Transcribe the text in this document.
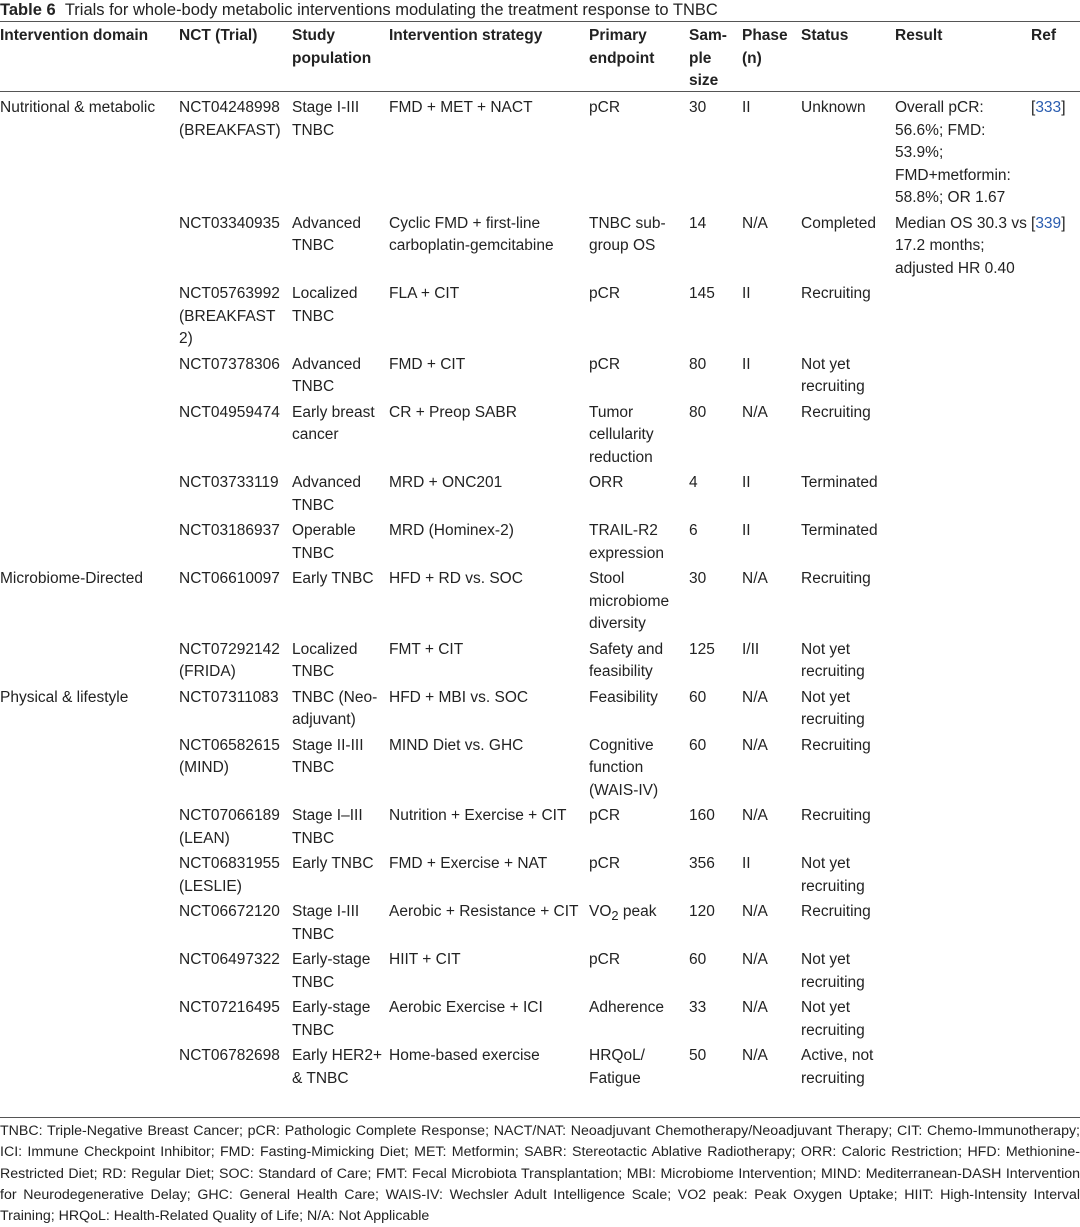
Table 6 Trials for whole-body metabolic interventions modulating the treatment response to TNBC
Intervention domain	NCT (Trial)	Study population	Intervention strategy	Primary endpoint	Sam-ple size	Phase (n)	Status	Result	Ref
Nutritional & metabolic	NCT04248998 (BREAKFAST)	Stage I-III TNBC	FMD + MET + NACT	pCR	30	II	Unknown	Overall pCR: 56.6%; FMD: 53.9%; FMD+metformin: 58.8%; OR 1.67	[333]
	NCT03340935	Advanced TNBC	Cyclic FMD + first-line carboplatin-gemcitabine	TNBC sub-group OS	14	N/A	Completed	Median OS 30.3 vs 17.2 months; adjusted HR 0.40	[339]
	NCT05763992 (BREAKFAST 2)	Localized TNBC	FLA + CIT	pCR	145	II	Recruiting		
	NCT07378306	Advanced TNBC	FMD + CIT	pCR	80	II	Not yet recruiting		
	NCT04959474	Early breast cancer	CR + Preop SABR	Tumor cellularity reduction	80	N/A	Recruiting		
	NCT03733119	Advanced TNBC	MRD + ONC201	ORR	4	II	Terminated		
	NCT03186937	Operable TNBC	MRD (Hominex-2)	TRAIL-R2 expression	6	II	Terminated		
Microbiome-Directed	NCT06610097	Early TNBC	HFD + RD vs. SOC	Stool microbiome diversity	30	N/A	Recruiting		
	NCT07292142 (FRIDA)	Localized TNBC	FMT + CIT	Safety and feasibility	125	I/II	Not yet recruiting		
Physical & lifestyle	NCT07311083	TNBC (Neo-adjuvant)	HFD + MBI vs. SOC	Feasibility	60	N/A	Not yet recruiting		
	NCT06582615 (MIND)	Stage II-III TNBC	MIND Diet vs. GHC	Cognitive function (WAIS-IV)	60	N/A	Recruiting		
	NCT07066189 (LEAN)	Stage I–III TNBC	Nutrition + Exercise + CIT	pCR	160	N/A	Recruiting		
	NCT06831955 (LESLIE)	Early TNBC	FMD + Exercise + NAT	pCR	356	II	Not yet recruiting		
	NCT06672120	Stage I-III TNBC	Aerobic + Resistance + CIT	$VO_2$ peak	120	N/A	Recruiting		
	NCT06497322	Early-stage TNBC	HIIT + CIT	pCR	60	N/A	Not yet recruiting		
	NCT07216495	Early-stage TNBC	Aerobic Exercise + ICI	Adherence	33	N/A	Not yet recruiting		
	NCT06782698	Early HER2+ & TNBC	Home-based exercise	HRQoL/ Fatigue	50	N/A	Active, not recruiting		
TNBC: Triple-Negative Breast Cancer; pCR: Pathologic Complete Response; NACT/NAT: Neoadjuvant Chemotherapy/Neoadjuvant Therapy; CIT: Chemo-Immunotherapy; ICI: Immune Checkpoint Inhibitor; FMD: Fasting-Mimicking Diet; MET: Metformin; SABR: Stereotactic Ablative Radiotherapy; ORR: Caloric Restriction; HFD: Methionine-Restricted Diet; RD: Regular Diet; SOC: Standard of Care; FMT: Fecal Microbiota Transplantation; MBI: Microbiome Intervention; MIND: Mediterranean-DASH Intervention for Neurodegenerative Delay; GHC: General Health Care; WAIS-IV: Wechsler Adult Intelligence Scale; VO2 peak: Peak Oxygen Uptake; HIIT: High-Intensity Interval Training; HRQoL: Health-Related Quality of Life; N/A: Not Applicable
